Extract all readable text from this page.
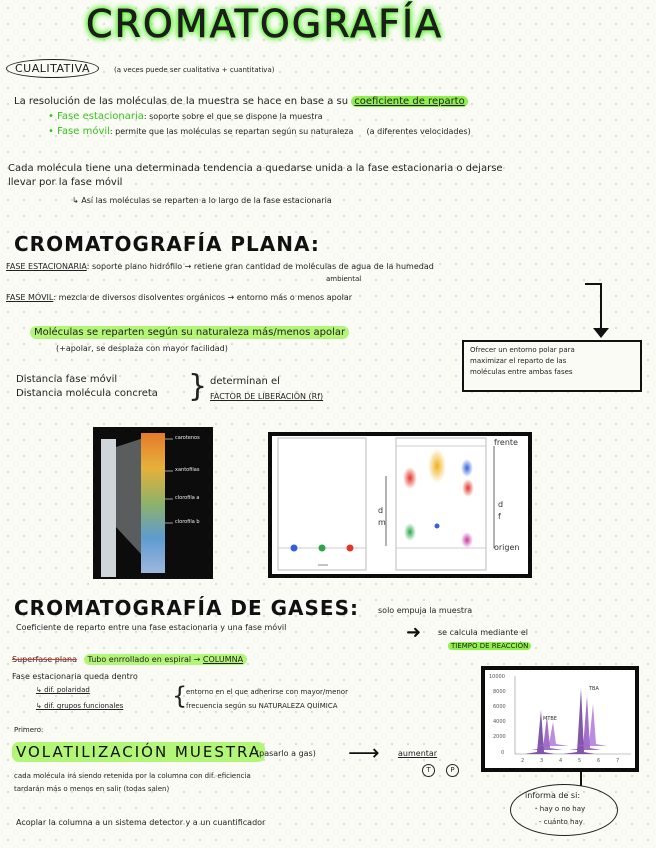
CROMATOGRAFÍA
CUALITATIVA	(a veces puede ser cualitativa + cuantitativa)
La resolución de las moléculas de la muestra se hace en base a su coeficiente de reparto
• Fase estacionaria: soporte sobre el que se dispone la muestra
• Fase móvil: permite que las moléculas se repartan según su naturaleza (a diferentes velocidades)
Cada molécula tiene una determinada tendencia a quedarse unida a la fase estacionaria o dejarse
llevar por la fase móvil
↳ Así las moléculas se reparten a lo largo de la fase estacionaria
CROMATOGRAFÍA PLANA:
FASE ESTACIONARIA: soporte plano hidrófilo → retiene gran cantidad de moléculas de agua de la humedad
ambiental
FASE MÓVIL: mezcla de diversos disolventes orgánicos → entorno más o menos apolar
Moléculas se reparten según su naturaleza más/menos apolar
(+apolar, se desplaza con mayor facilidad)	Ofrecer un entorno polar para
maximizar el reparto de las
moléculas entre ambas fases
Distancia fase móvil
Distancia molécula concreta } determinan el
FACTOR DE LIBERACIÓN (Rf)
carotenos
xantofilas
clorofila a
clorofila b
frente
origen
d
m
d
f
CROMATOGRAFÍA DE GASES: solo empuja la muestra
Coeficiente de reparto entre una fase estacionaria y una fase móvil	➜ se calcula mediante el
TIEMPO DE REACCIÓN
Superfase plana Tubo enrrollado en espiral → COLUMNA
Fase estacionaria queda dentro
↳ dif. polaridad
↳ dif. grupos funcionales {
entorno en el que adherirse con mayor/menor
frecuencia según su NATURALEZA QUÍMICA
Primero:
VOLATILIZACIÓN MUESTRA
(pasarlo a gas) ⟶ aumentar
T	P
cada molécula irá siendo retenida por la columna con dif. eficiencia
tardarán más o menos en salir (todas salen)
Acoplar la columna a un sistema detector y a un cuantificador
MTBE
TBA
10000
8000
6000
4000
2000
0
2	3	4	5	6	7
informa de si:
- hay o no hay
- cuánto hay
